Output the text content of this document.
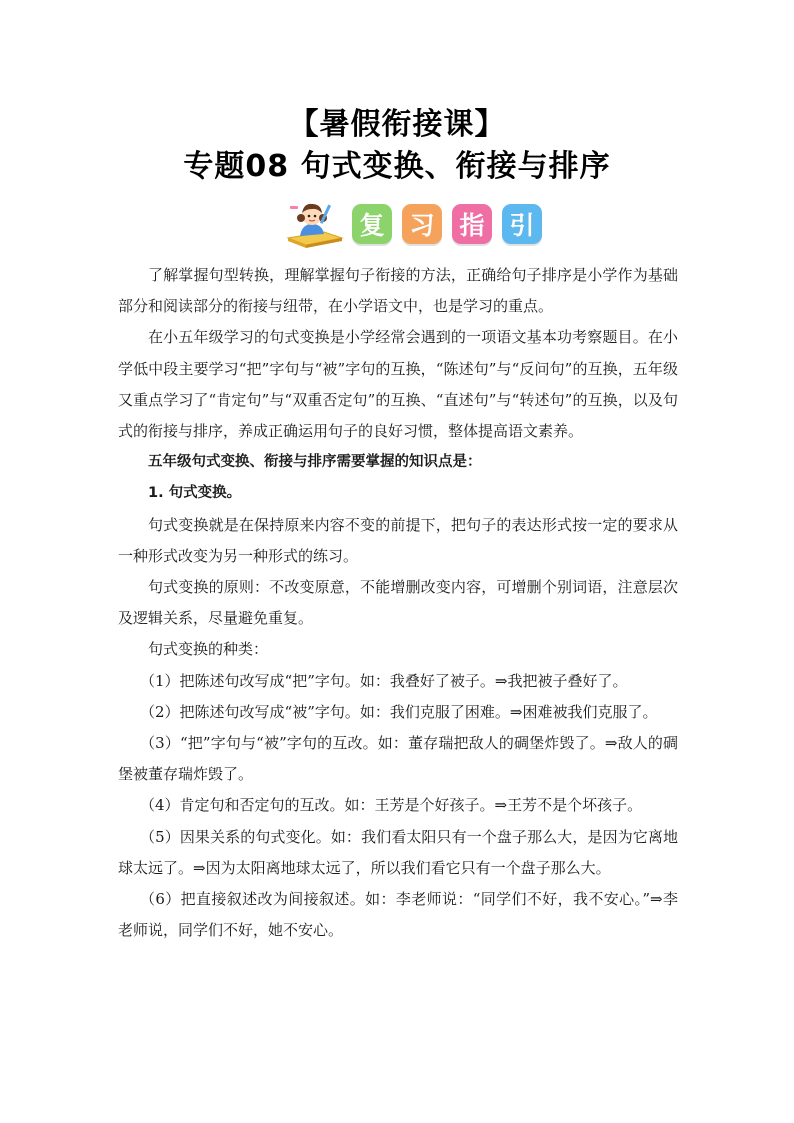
【暑假衔接课】
专题08 句式变换、衔接与排序
复 习 指 引

了解掌握句型转换，理解掌握句子衔接的方法，正确给句子排序是小学作为基础部分和阅读部分的衔接与纽带，在小学语文中，也是学习的重点。

在小五年级学习的句式变换是小学经常会遇到的一项语文基本功考察题目。在小学低中段主要学习“把”字句与“被”字句的互换，“陈述句”与“反问句”的互换，五年级又重点学习了“肯定句”与“双重否定句”的互换、“直述句”与“转述句”的互换，以及句式的衔接与排序，养成正确运用句子的良好习惯，整体提高语文素养。

五年级句式变换、衔接与排序需要掌握的知识点是：

1. 句式变换。

句式变换就是在保持原来内容不变的前提下，把句子的表达形式按一定的要求从一种形式改变为另一种形式的练习。

句式变换的原则：不改变原意，不能增删改变内容，可增删个别词语，注意层次及逻辑关系，尽量避免重复。

句式变换的种类：

（1）把陈述句改写成“把”字句。如：我叠好了被子。⇒我把被子叠好了。

（2）把陈述句改写成“被”字句。如：我们克服了困难。⇒困难被我们克服了。

（3）“把”字句与“被”字句的互改。如：董存瑞把敌人的碉堡炸毁了。⇒敌人的碉堡被董存瑞炸毁了。

（4）肯定句和否定句的互改。如：王芳是个好孩子。⇒王芳不是个坏孩子。

（5）因果关系的句式变化。如：我们看太阳只有一个盘子那么大，是因为它离地球太远了。⇒因为太阳离地球太远了，所以我们看它只有一个盘子那么大。

（6）把直接叙述改为间接叙述。如：李老师说：“同学们不好，我不安心。”⇒李老师说，同学们不好，她不安心。
